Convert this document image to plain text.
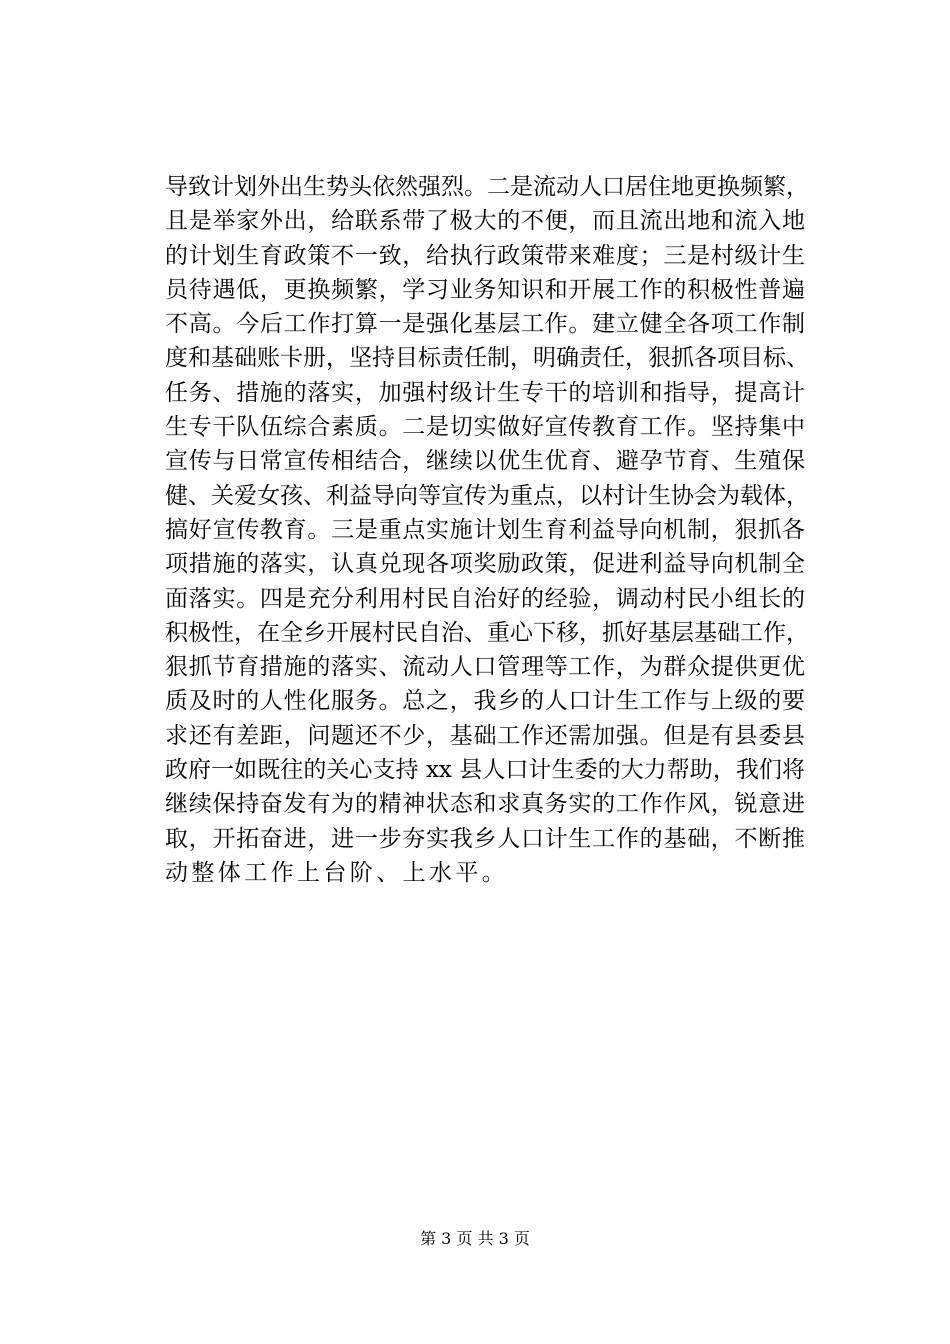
导致计划外出生势头依然强烈。二是流动人口居住地更换频繁，
且是举家外出，给联系带了极大的不便，而且流出地和流入地
的计划生育政策不一致，给执行政策带来难度；三是村级计生
员待遇低，更换频繁，学习业务知识和开展工作的积极性普遍
不高。今后工作打算一是强化基层工作。建立健全各项工作制
度和基础账卡册，坚持目标责任制，明确责任，狠抓各项目标、
任务、措施的落实，加强村级计生专干的培训和指导，提高计
生专干队伍综合素质。二是切实做好宣传教育工作。坚持集中
宣传与日常宣传相结合，继续以优生优育、避孕节育、生殖保
健、关爱女孩、利益导向等宣传为重点，以村计生协会为载体，
搞好宣传教育。三是重点实施计划生育利益导向机制，狠抓各
项措施的落实，认真兑现各项奖励政策，促进利益导向机制全
面落实。四是充分利用村民自治好的经验，调动村民小组长的
积极性，在全乡开展村民自治、重心下移，抓好基层基础工作，
狠抓节育措施的落实、流动人口管理等工作，为群众提供更优
质及时的人性化服务。总之，我乡的人口计生工作与上级的要
求还有差距，问题还不少，基础工作还需加强。但是有县委县
政府一如既往的关心支持 xx 县人口计生委的大力帮助，我们将
继续保持奋发有为的精神状态和求真务实的工作作风，锐意进
取，开拓奋进，进一步夯实我乡人口计生工作的基础，不断推
动整体工作上台阶、上水平。
第 3 页 共 3 页
